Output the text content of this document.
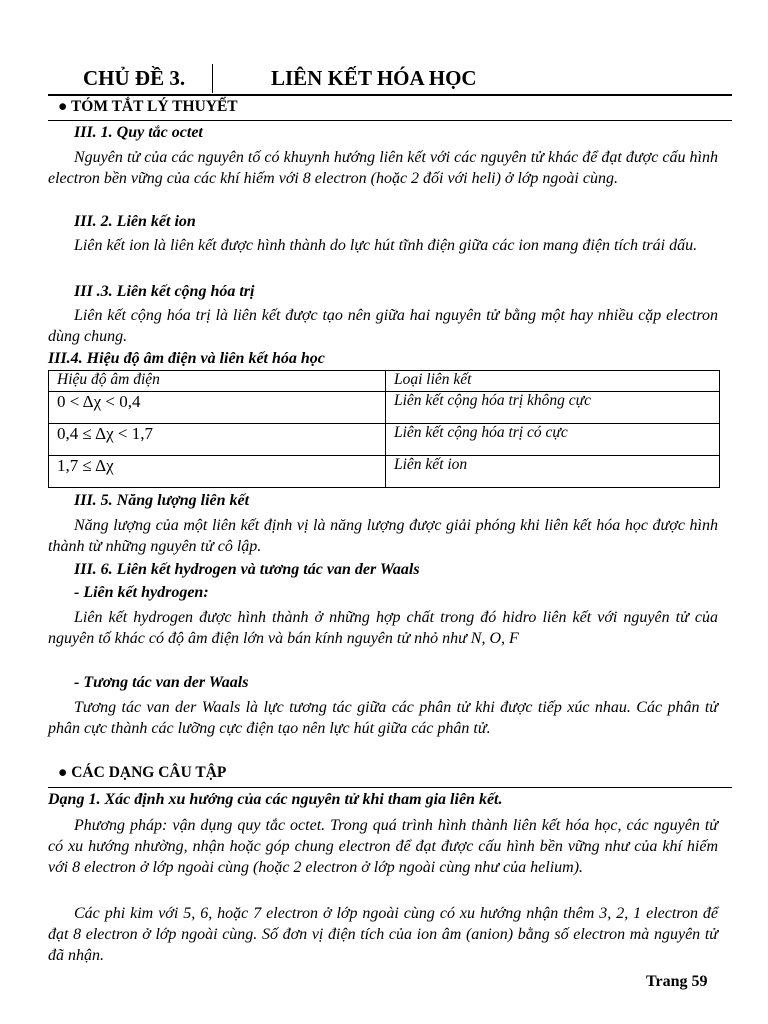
CHỦ ĐỀ 3.	LIÊN KẾT HÓA HỌC
● TÓM TẮT LÝ THUYẾT
III. 1. Quy tắc octet
Nguyên tử của các nguyên tố có khuynh hướng liên kết với các nguyên tử khác để đạt được cấu hình electron bền vững của các khí hiếm với 8 electron (hoặc 2 đối với heli) ở lớp ngoài cùng.
III. 2. Liên kết ion
Liên kết ion là liên kết được hình thành do lực hút tĩnh điện giữa các ion mang điện tích trái dấu.
III .3. Liên kết cộng hóa trị
Liên kết cộng hóa trị là liên kết được tạo nên giữa hai nguyên tử bằng một hay nhiều cặp electron dùng chung.
III.4. Hiệu độ âm điện và liên kết hóa học
Hiệu độ âm điện	Loại liên kết
0 < Δχ < 0,4	Liên kết cộng hóa trị không cực
0,4 ≤ Δχ < 1,7	Liên kết cộng hóa trị có cực
1,7 ≤ Δχ	Liên kết ion
III. 5. Năng lượng liên kết
Năng lượng của một liên kết định vị là năng lượng được giải phóng khi liên kết hóa học được hình thành từ những nguyên tử cô lập.
III. 6. Liên kết hydrogen và tương tác van der Waals
- Liên kết hydrogen:
Liên kết hydrogen được hình thành ở những hợp chất trong đó hidro liên kết với nguyên tử của nguyên tố khác có độ âm điện lớn và bán kính nguyên tử nhỏ như N, O, F
- Tương tác van der Waals
Tương tác van der Waals là lực tương tác giữa các phân tử khi được tiếp xúc nhau. Các phân tử phân cực thành các lưỡng cực điện tạo nên lực hút giữa các phân tử.
● CÁC DẠNG CÂU TẬP
Dạng 1. Xác định xu hướng của các nguyên tử khi tham gia liên kết.
Phương pháp: vận dụng quy tắc octet. Trong quá trình hình thành liên kết hóa học, các nguyên tử có xu hướng nhường, nhận hoặc góp chung electron để đạt được cấu hình bền vững như của khí hiếm với 8 electron ở lớp ngoài cùng (hoặc 2 electron ở lớp ngoài cùng như của helium).
Các phi kim với 5, 6, hoặc 7 electron ở lớp ngoài cùng có xu hướng nhận thêm 3, 2, 1 electron để đạt 8 electron ở lớp ngoài cùng. Số đơn vị điện tích của ion âm (anion) bằng số electron mà nguyên tử đã nhận.
Trang 59
